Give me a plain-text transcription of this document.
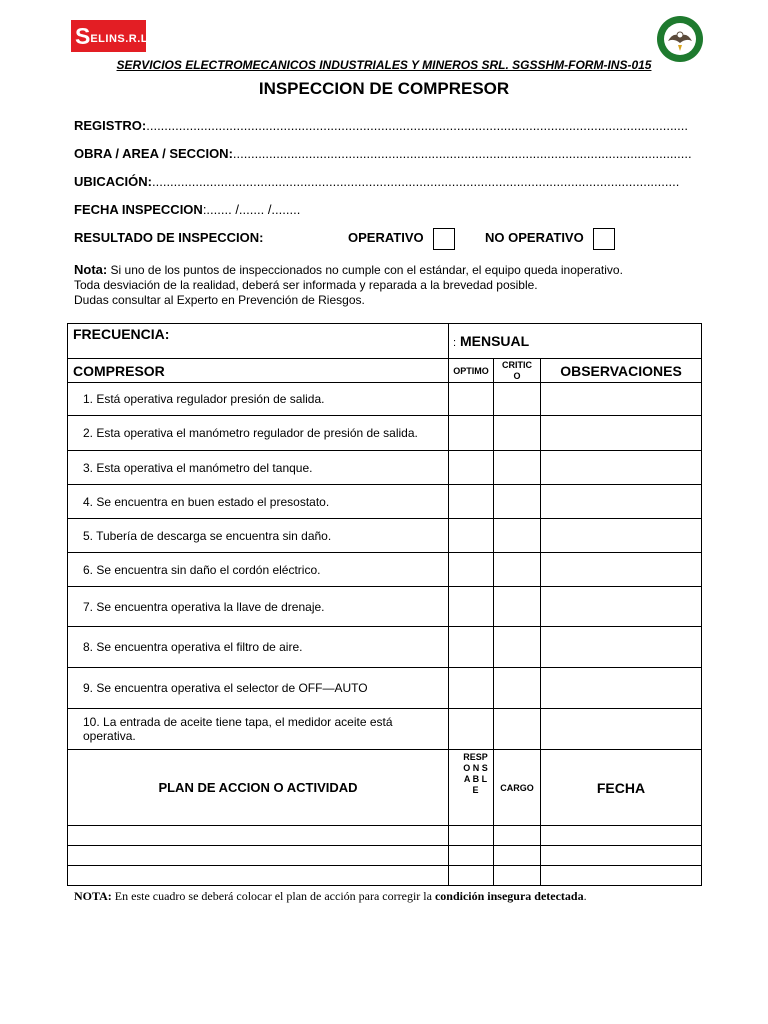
S ELINS.R.L.
SERVICIOS ELECTROMECANICOS INDUSTRIALES Y MINEROS SRL. SGSSHM-FORM-INS-015
INSPECCION DE COMPRESOR
REGISTRO:......................................................................................................................................................
OBRA / AREA / SECCION:...............................................................................................................................
UBICACIÓN:..................................................................................................................................................
FECHA INSPECCION:....... /....... /........
RESULTADO DE INSPECCION:	OPERATIVO	NO OPERATIVO
Nota: Si uno de los puntos de inspeccionados no cumple con el estándar, el equipo queda inoperativo.
Toda desviación de la realidad, deberá ser informada y reparada a la brevedad posible.
Dudas consultar al Experto en Prevención de Riesgos.
FRECUENCIA:	: MENSUAL		
COMPRESOR	OPTIMO	CRITIC O	OBSERVACIONES
1. Está operativa regulador presión de salida.			
2. Esta operativa el manómetro regulador de presión de salida.			
3. Esta operativa el manómetro del tanque.			
4. Se encuentra en buen estado el presostato.			
5. Tubería de descarga se encuentra sin daño.			
6. Se encuentra sin daño el cordón eléctrico.			
7. Se encuentra operativa la llave de drenaje.			
8. Se encuentra operativa el filtro de aire.			
9. Se encuentra operativa el selector de OFF—AUTO			
10. La entrada de aceite tiene tapa, el medidor aceite está operativa.			
PLAN DE ACCION O ACTIVIDAD	RESPO N S A B L E	CARGO	FECHA

NOTA: En este cuadro se deberá colocar el plan de acción para corregir la condición insegura detectada.
